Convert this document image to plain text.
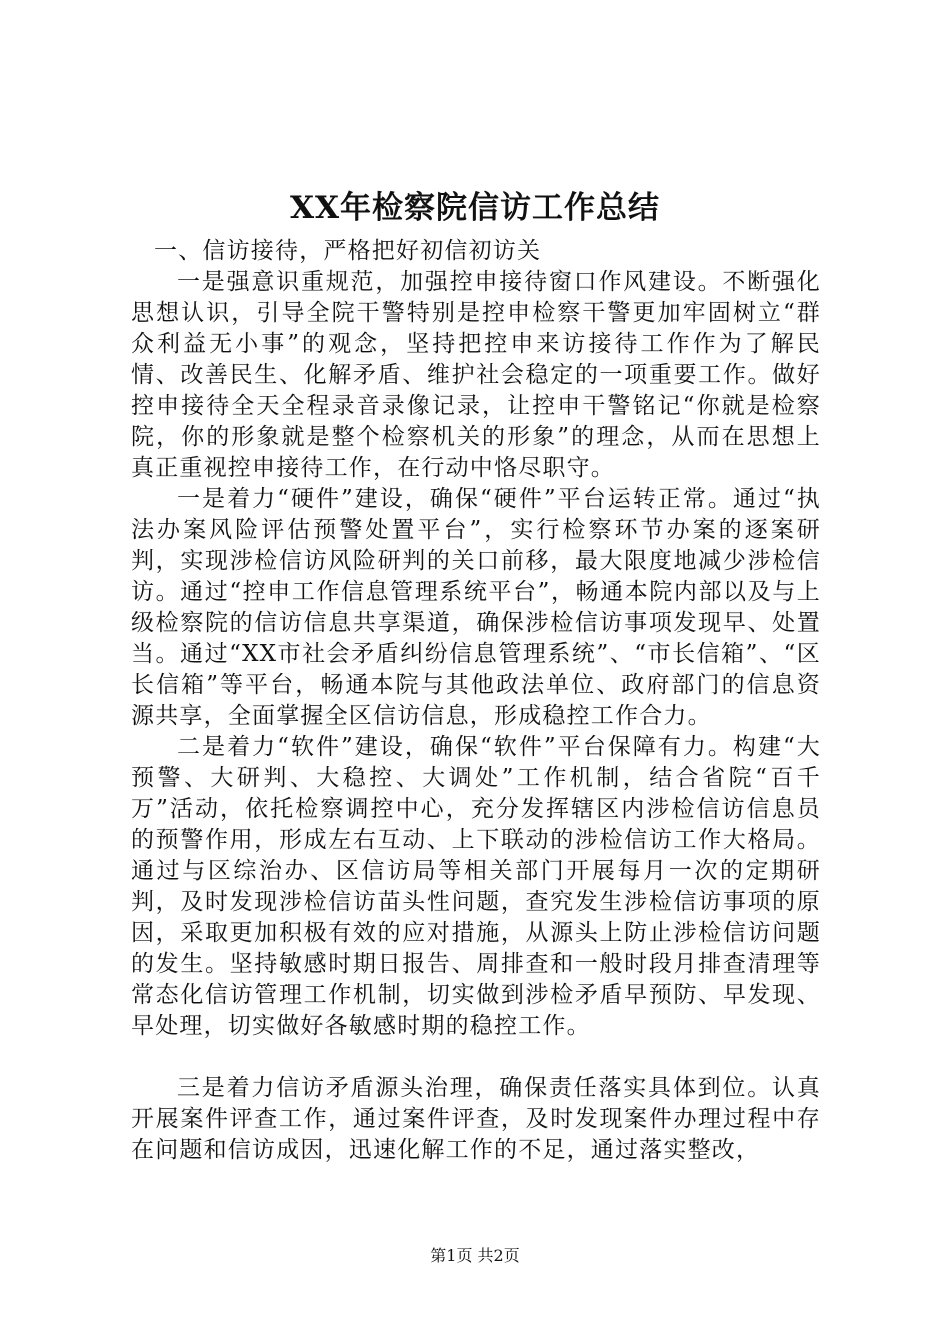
XX年检察院信访工作总结

一、信访接待，严格把好初信初访关

一是强意识重规范，加强控申接待窗口作风建设。不断强化思想认识，引导全院干警特别是控申检察干警更加牢固树立“群众利益无小事”的观念，坚持把控申来访接待工作作为了解民情、改善民生、化解矛盾、维护社会稳定的一项重要工作。做好控申接待全天全程录音录像记录，让控申干警铭记“你就是检察院，你的形象就是整个检察机关的形象”的理念，从而在思想上真正重视控申接待工作，在行动中恪尽职守。

一是着力“硬件”建设，确保“硬件”平台运转正常。通过“执法办案风险评估预警处置平台”，实行检察环节办案的逐案研判，实现涉检信访风险研判的关口前移，最大限度地减少涉检信访。通过“控申工作信息管理系统平台”，畅通本院内部以及与上级检察院的信访信息共享渠道，确保涉检信访事项发现早、处置当。通过“XX市社会矛盾纠纷信息管理系统”、“市长信箱”、“区长信箱”等平台，畅通本院与其他政法单位、政府部门的信息资源共享，全面掌握全区信访信息，形成稳控工作合力。

二是着力“软件”建设，确保“软件”平台保障有力。构建“大预警、大研判、大稳控、大调处”工作机制，结合省院“百千万”活动，依托检察调控中心，充分发挥辖区内涉检信访信息员的预警作用，形成左右互动、上下联动的涉检信访工作大格局。通过与区综治办、区信访局等相关部门开展每月一次的定期研判，及时发现涉检信访苗头性问题，查究发生涉检信访事项的原因，采取更加积极有效的应对措施，从源头上防止涉检信访问题的发生。坚持敏感时期日报告、周排查和一般时段月排查清理等常态化信访管理工作机制，切实做到涉检矛盾早预防、早发现、早处理，切实做好各敏感时期的稳控工作。

三是着力信访矛盾源头治理，确保责任落实具体到位。认真开展案件评查工作，通过案件评查，及时发现案件办理过程中存在问题和信访成因，迅速化解工作的不足，通过落实整改，

第1页 共2页
